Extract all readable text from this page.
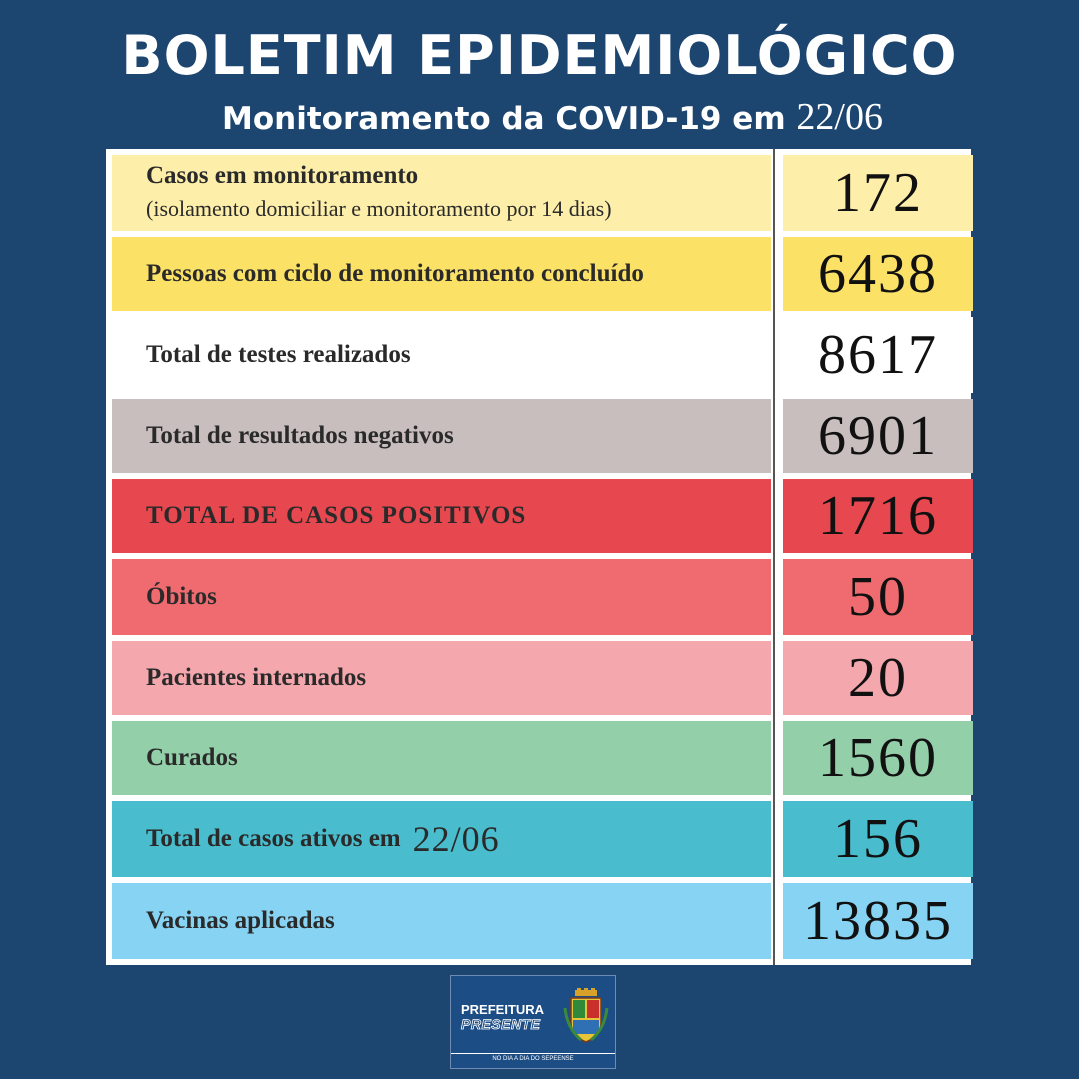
BOLETIM EPIDEMIOLÓGICO
Monitoramento da COVID-19 em 22/06
Casos em monitoramento
(isolamento domiciliar e monitoramento por 14 dias)	172
Pessoas com ciclo de monitoramento concluído	6438
Total de testes realizados	8617
Total de resultados negativos	6901
TOTAL DE CASOS POSITIVOS	1716
Óbitos	50
Pacientes internados	20
Curados	1560
Total de casos ativos em 22/06	156
Vacinas aplicadas	13835
PREFEITURA
PRESENTE
NO DIA A DIA DO SEPEENSE
